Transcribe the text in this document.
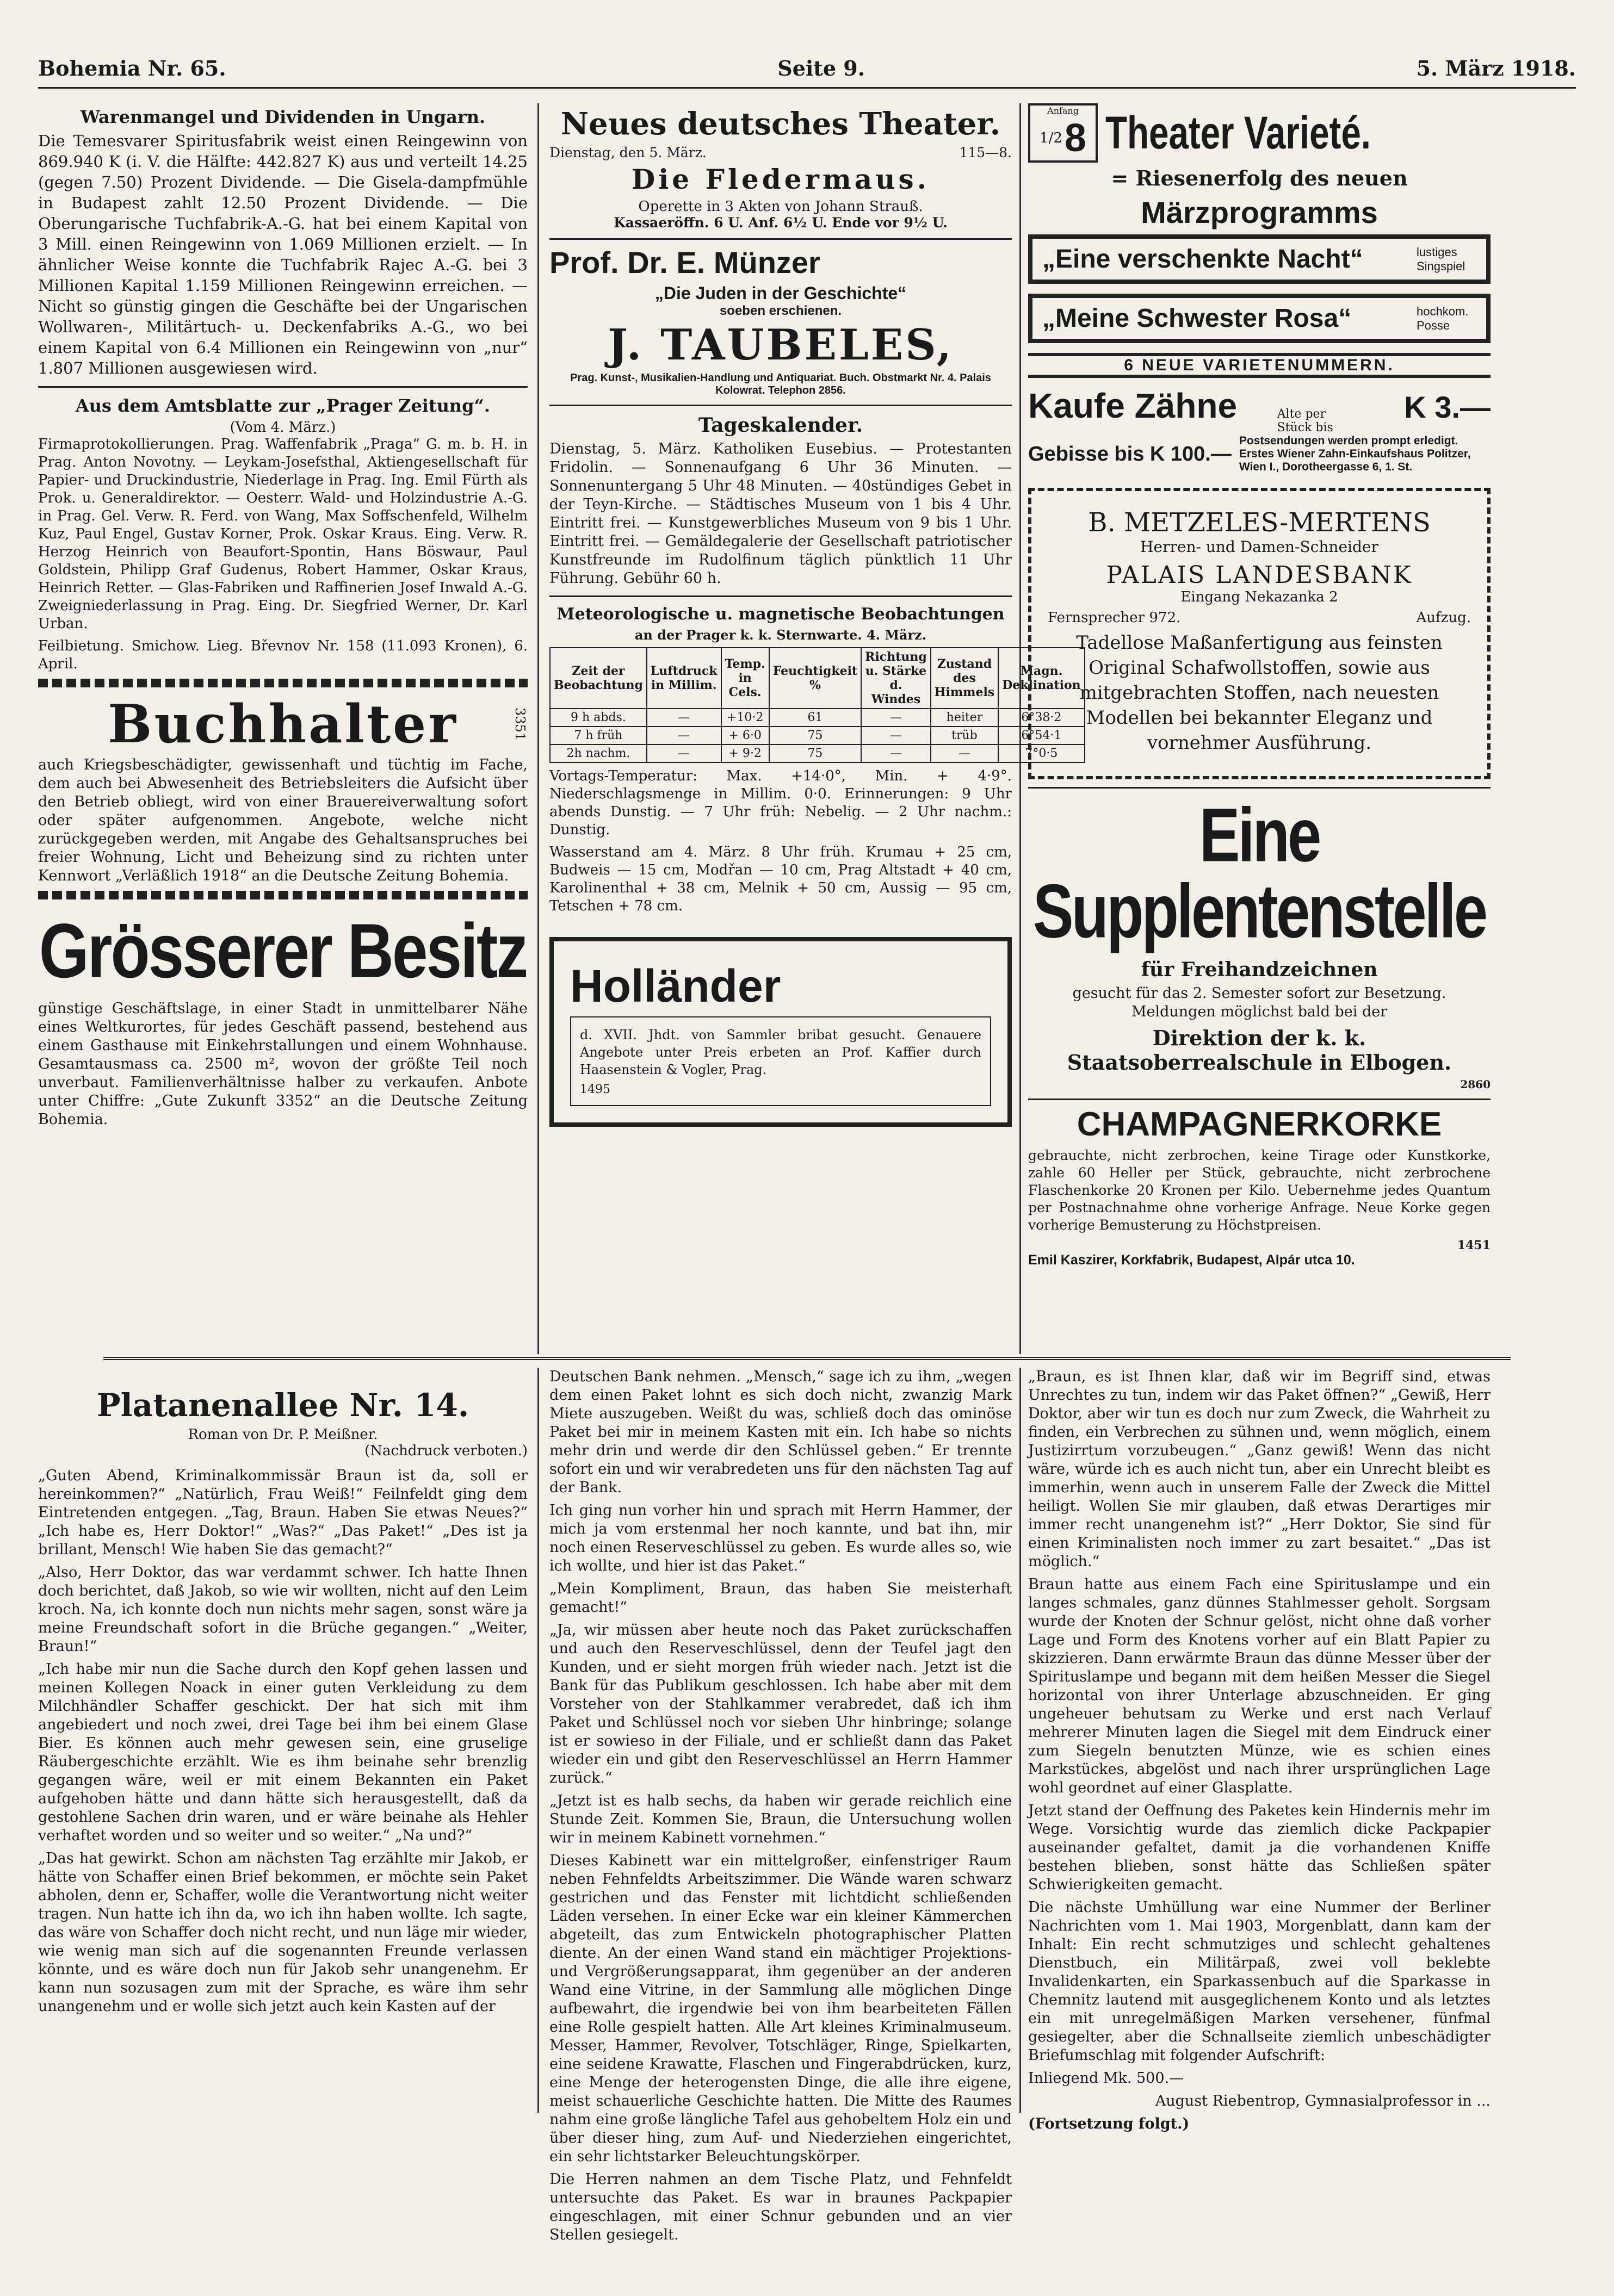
Bohemia Nr. 65.	Seite 9.	5. März 1918.
Warenmangel und Dividenden in Ungarn.

Die Temesvarer Spiritusfabrik weist einen Reingewinn von 869.940 K (i. V. die Hälfte: 442.827 K) aus und verteilt 14.25 (gegen 7.50) Prozent Dividende. — Die Gisela-dampfmühle in Budapest zahlt 12.50 Prozent Dividende. — Die Oberungarische Tuchfabrik-A.-G. hat bei einem Kapital von 3 Mill. einen Reingewinn von 1.069 Millionen erzielt. — In ähnlicher Weise konnte die Tuchfabrik Rajec A.-G. bei 3 Millionen Kapital 1.159 Millionen Reingewinn erreichen. — Nicht so günstig gingen die Geschäfte bei der Ungarischen Wollwaren-, Militärtuch- u. Deckenfabriks A.-G., wo bei einem Kapital von 6.4 Millionen ein Reingewinn von „nur“ 1.807 Millionen ausgewiesen wird.

Aus dem Amtsblatte zur „Prager Zeitung“.
(Vom 4. März.)

Firmaprotokollierungen. Prag. Waffenfabrik „Praga“ G. m. b. H. in Prag. Anton Novotny. — Leykam-Josefsthal, Aktiengesellschaft für Papier- und Druckindustrie, Niederlage in Prag. Ing. Emil Fürth als Prok. u. Generaldirektor. — Oesterr. Wald- und Holzindustrie A.-G. in Prag. Gel. Verw. R. Ferd. von Wang, Max Soffschenfeld, Wilhelm Kuz, Paul Engel, Gustav Korner, Prok. Oskar Kraus. Eing. Verw. R. Herzog Heinrich von Beaufort-Spontin, Hans Böswaur, Paul Goldstein, Philipp Graf Gudenus, Robert Hammer, Oskar Kraus, Heinrich Retter. — Glas-Fabriken und Raffinerien Josef Inwald A.-G. Zweigniederlassung in Prag. Eing. Dr. Siegfried Werner, Dr. Karl Urban.

Feilbietung. Smichow. Lieg. Břevnov Nr. 158 (11.093 Kronen), 6. April.

Buchhalter	3351

auch Kriegsbeschädigter, gewissenhaft und tüchtig im Fache, dem auch bei Abwesenheit des Betriebsleiters die Aufsicht über den Betrieb obliegt, wird von einer Brauereiverwaltung sofort oder später aufgenommen. Angebote, welche nicht zurückgegeben werden, mit Angabe des Gehaltsanspruches bei freier Wohnung, Licht und Beheizung sind zu richten unter Kennwort „Verläßlich 1918“ an die Deutsche Zeitung Bohemia.

Grösserer Besitz

günstige Geschäftslage, in einer Stadt in unmittelbarer Nähe eines Weltkurortes, für jedes Geschäft passend, bestehend aus einem Gasthause mit Einkehrstallungen und einem Wohnhause. Gesamtausmass ca. 2500 m², wovon der größte Teil noch unverbaut. Familienverhältnisse halber zu verkaufen. Anbote unter Chiffre: „Gute Zukunft 3352“ an die Deutsche Zeitung Bohemia.

Neues deutsches Theater.
Dienstag, den 5. März.	115—8.
Die Fledermaus.
Operette in 3 Akten von Johann Strauß.
Kassaeröffn. 6 U. Anf. 6½ U. Ende vor 9½ U.
Prof. Dr. E. Münzer
„Die Juden in der Geschichte“
soeben erschienen.
J. TAUBELES,
Prag. Kunst-, Musikalien-Handlung und Antiquariat. Buch. Obstmarkt Nr. 4. Palais Kolowrat. Telephon 2856.
Tageskalender.

Dienstag, 5. März. Katholiken Eusebius. — Protestanten Fridolin. — Sonnenaufgang 6 Uhr 36 Minuten. — Sonnenuntergang 5 Uhr 48 Minuten. — 40stündiges Gebet in der Teyn-Kirche. — Städtisches Museum von 1 bis 4 Uhr. Eintritt frei. — Kunstgewerbliches Museum von 9 bis 1 Uhr. Eintritt frei. — Gemäldegalerie der Gesellschaft patriotischer Kunstfreunde im Rudolfinum täglich pünktlich 11 Uhr Führung. Gebühr 60 h.

Meteorologische u. magnetische Beobachtungen
an der Prager k. k. Sternwarte. 4. März.
Zeit der Beobachtung	Luftdruck in Millim.	Temp. in Cels.	Feuchtigkeit %	Richtung u. Stärke d. Windes	Zustand des Himmels	Magn. Deklination
9 h abds.	—	+10·2	61	—	heiter	6°38·2
7 h früh	—	+ 6·0	75	—	trüb	6°54·1
2h nachm.	—	+ 9·2	75	—	—	7°0·5

Vortags-Temperatur: Max. +14·0°, Min. + 4·9°. Niederschlagsmenge in Millim. 0·0. Erinnerungen: 9 Uhr abends Dunstig. — 7 Uhr früh: Nebelig. — 2 Uhr nachm.: Dunstig.

Wasserstand am 4. März. 8 Uhr früh. Krumau + 25 cm, Budweis — 15 cm, Modřan — 10 cm, Prag Altstadt + 40 cm, Karolinenthal + 38 cm, Melnik + 50 cm, Aussig — 95 cm, Tetschen + 78 cm.

Holländer

d. XVII. Jhdt. von Sammler bribat gesucht. Genauere Angebote unter Preis erbeten an Prof. Kaffier durch Haasenstein & Vogler, Prag.

1495
Anfang
1/2 8 Theater Varieté.
= Riesenerfolg des neuen
Märzprogramms
„Eine verschenkte Nacht“	lustiges Singspiel
„Meine Schwester Rosa“	hochkom. Posse
6 NEUE VARIETENUMMERN.
Kaufe Zähne	Alte per Stück bis
K 3.—
Gebisse bis K 100.—
Postsendungen werden prompt erledigt. Erstes Wiener Zahn-Einkaufshaus Politzer, Wien I., Dorotheergasse 6, 1. St.
B. METZELES-MERTENS
Herren- und Damen-Schneider
PALAIS LANDESBANK
Eingang Nekazanka 2
Fernsprecher 972.	Aufzug.

Tadellose Maßanfertigung aus feinsten Original Schafwollstoffen, sowie aus mitgebrachten Stoffen, nach neuesten Modellen bei bekannter Eleganz und vornehmer Ausführung.

Eine Supplentenstelle
für Freihandzeichnen

gesucht für das 2. Semester sofort zur Besetzung. Meldungen möglichst bald bei der

Direktion der k. k. Staatsoberrealschule in Elbogen.
2860
CHAMPAGNERKORKE

gebrauchte, nicht zerbrochen, keine Tirage oder Kunstkorke, zahle 60 Heller per Stück, gebrauchte, nicht zerbrochene Flaschenkorke 20 Kronen per Kilo. Uebernehme jedes Quantum per Postnachnahme ohne vorherige Anfrage. Neue Korke gegen vorherige Bemusterung zu Höchstpreisen.

1451
Emil Kaszirer, Korkfabrik, Budapest, Alpár utca 10.
Platanenallee Nr. 14.
Roman von Dr. P. Meißner.
(Nachdruck verboten.)

„Guten Abend, Kriminalkommissär Braun ist da, soll er hereinkommen?“ „Natürlich, Frau Weiß!“ Feilnfeldt ging dem Eintretenden entgegen. „Tag, Braun. Haben Sie etwas Neues?“ „Ich habe es, Herr Doktor!“ „Was?“ „Das Paket!“ „Des ist ja brillant, Mensch! Wie haben Sie das gemacht?“

„Also, Herr Doktor, das war verdammt schwer. Ich hatte Ihnen doch berichtet, daß Jakob, so wie wir wollten, nicht auf den Leim kroch. Na, ich konnte doch nun nichts mehr sagen, sonst wäre ja meine Freundschaft sofort in die Brüche gegangen.“ „Weiter, Braun!“

„Ich habe mir nun die Sache durch den Kopf gehen lassen und meinen Kollegen Noack in einer guten Verkleidung zu dem Milchhändler Schaffer geschickt. Der hat sich mit ihm angebiedert und noch zwei, drei Tage bei ihm bei einem Glase Bier. Es können auch mehr gewesen sein, eine gruselige Räubergeschichte erzählt. Wie es ihm beinahe sehr brenzlig gegangen wäre, weil er mit einem Bekannten ein Paket aufgehoben hätte und dann hätte sich herausgestellt, daß da gestohlene Sachen drin waren, und er wäre beinahe als Hehler verhaftet worden und so weiter und so weiter.“ „Na und?“

„Das hat gewirkt. Schon am nächsten Tag erzählte mir Jakob, er hätte von Schaffer einen Brief bekommen, er möchte sein Paket abholen, denn er, Schaffer, wolle die Verantwortung nicht weiter tragen. Nun hatte ich ihn da, wo ich ihn haben wollte. Ich sagte, das wäre von Schaffer doch nicht recht, und nun läge mir wieder, wie wenig man sich auf die sogenannten Freunde verlassen könnte, und es wäre doch nun für Jakob sehr unangenehm. Er kann nun sozusagen zum mit der Sprache, es wäre ihm sehr unangenehm und er wolle sich jetzt auch kein Kasten auf der

Deutschen Bank nehmen. „Mensch,“ sage ich zu ihm, „wegen dem einen Paket lohnt es sich doch nicht, zwanzig Mark Miete auszugeben. Weißt du was, schließ doch das ominöse Paket bei mir in meinem Kasten mit ein. Ich habe so nichts mehr drin und werde dir den Schlüssel geben.“ Er trennte sofort ein und wir verabredeten uns für den nächsten Tag auf der Bank.

Ich ging nun vorher hin und sprach mit Herrn Hammer, der mich ja vom erstenmal her noch kannte, und bat ihn, mir noch einen Reserveschlüssel zu geben. Es wurde alles so, wie ich wollte, und hier ist das Paket.“

„Mein Kompliment, Braun, das haben Sie meisterhaft gemacht!“

„Ja, wir müssen aber heute noch das Paket zurückschaffen und auch den Reserveschlüssel, denn der Teufel jagt den Kunden, und er sieht morgen früh wieder nach. Jetzt ist die Bank für das Publikum geschlossen. Ich habe aber mit dem Vorsteher von der Stahlkammer verabredet, daß ich ihm Paket und Schlüssel noch vor sieben Uhr hinbringe; solange ist er sowieso in der Filiale, und er schließt dann das Paket wieder ein und gibt den Reserveschlüssel an Herrn Hammer zurück.“

„Jetzt ist es halb sechs, da haben wir gerade reichlich eine Stunde Zeit. Kommen Sie, Braun, die Untersuchung wollen wir in meinem Kabinett vornehmen.“

Dieses Kabinett war ein mittelgroßer, einfenstriger Raum neben Fehnfeldts Arbeitszimmer. Die Wände waren schwarz gestrichen und das Fenster mit lichtdicht schließenden Läden versehen. In einer Ecke war ein kleiner Kämmerchen abgeteilt, das zum Entwickeln photographischer Platten diente. An der einen Wand stand ein mächtiger Projektions- und Vergrößerungsapparat, ihm gegenüber an der anderen Wand eine Vitrine, in der Sammlung alle möglichen Dinge aufbewahrt, die irgendwie bei von ihm bearbeiteten Fällen eine Rolle gespielt hatten. Alle Art kleines Kriminalmuseum. Messer, Hammer, Revolver, Totschläger, Ringe, Spielkarten, eine seidene Krawatte, Flaschen und Fingerabdrücken, kurz, eine Menge der heterogensten Dinge, die alle ihre eigene, meist schauerliche Geschichte hatten. Die Mitte des Raumes nahm eine große längliche Tafel aus gehobeltem Holz ein und über dieser hing, zum Auf- und Niederziehen eingerichtet, ein sehr lichtstarker Beleuchtungskörper.

Die Herren nahmen an dem Tische Platz, und Fehnfeldt untersuchte das Paket. Es war in braunes Packpapier eingeschlagen, mit einer Schnur gebunden und an vier Stellen gesiegelt.

„Braun, es ist Ihnen klar, daß wir im Begriff sind, etwas Unrechtes zu tun, indem wir das Paket öffnen?“ „Gewiß, Herr Doktor, aber wir tun es doch nur zum Zweck, die Wahrheit zu finden, ein Verbrechen zu sühnen und, wenn möglich, einem Justizirrtum vorzubeugen.“ „Ganz gewiß! Wenn das nicht wäre, würde ich es auch nicht tun, aber ein Unrecht bleibt es immerhin, wenn auch in unserem Falle der Zweck die Mittel heiligt. Wollen Sie mir glauben, daß etwas Derartiges mir immer recht unangenehm ist?“ „Herr Doktor, Sie sind für einen Kriminalisten noch immer zu zart besaitet.“ „Das ist möglich.“

Braun hatte aus einem Fach eine Spirituslampe und ein langes schmales, ganz dünnes Stahlmesser geholt. Sorgsam wurde der Knoten der Schnur gelöst, nicht ohne daß vorher Lage und Form des Knotens vorher auf ein Blatt Papier zu skizzieren. Dann erwärmte Braun das dünne Messer über der Spirituslampe und begann mit dem heißen Messer die Siegel horizontal von ihrer Unterlage abzuschneiden. Er ging ungeheuer behutsam zu Werke und erst nach Verlauf mehrerer Minuten lagen die Siegel mit dem Eindruck einer zum Siegeln benutzten Münze, wie es schien eines Markstückes, abgelöst und nach ihrer ursprünglichen Lage wohl geordnet auf einer Glasplatte.

Jetzt stand der Oeffnung des Paketes kein Hindernis mehr im Wege. Vorsichtig wurde das ziemlich dicke Packpapier auseinander gefaltet, damit ja die vorhandenen Kniffe bestehen blieben, sonst hätte das Schließen später Schwierigkeiten gemacht.

Die nächste Umhüllung war eine Nummer der Berliner Nachrichten vom 1. Mai 1903, Morgenblatt, dann kam der Inhalt: Ein recht schmutziges und schlecht gehaltenes Dienstbuch, ein Militärpaß, zwei voll beklebte Invalidenkarten, ein Sparkassenbuch auf die Sparkasse in Chemnitz lautend mit ausgeglichenem Konto und als letztes ein mit unregelmäßigen Marken versehener, fünfmal gesiegelter, aber die Schnallseite ziemlich unbeschädigter Briefumschlag mit folgender Aufschrift:

Inliegend Mk. 500.—

August Riebentrop, Gymnasialprofessor in ...

(Fortsetzung folgt.)
